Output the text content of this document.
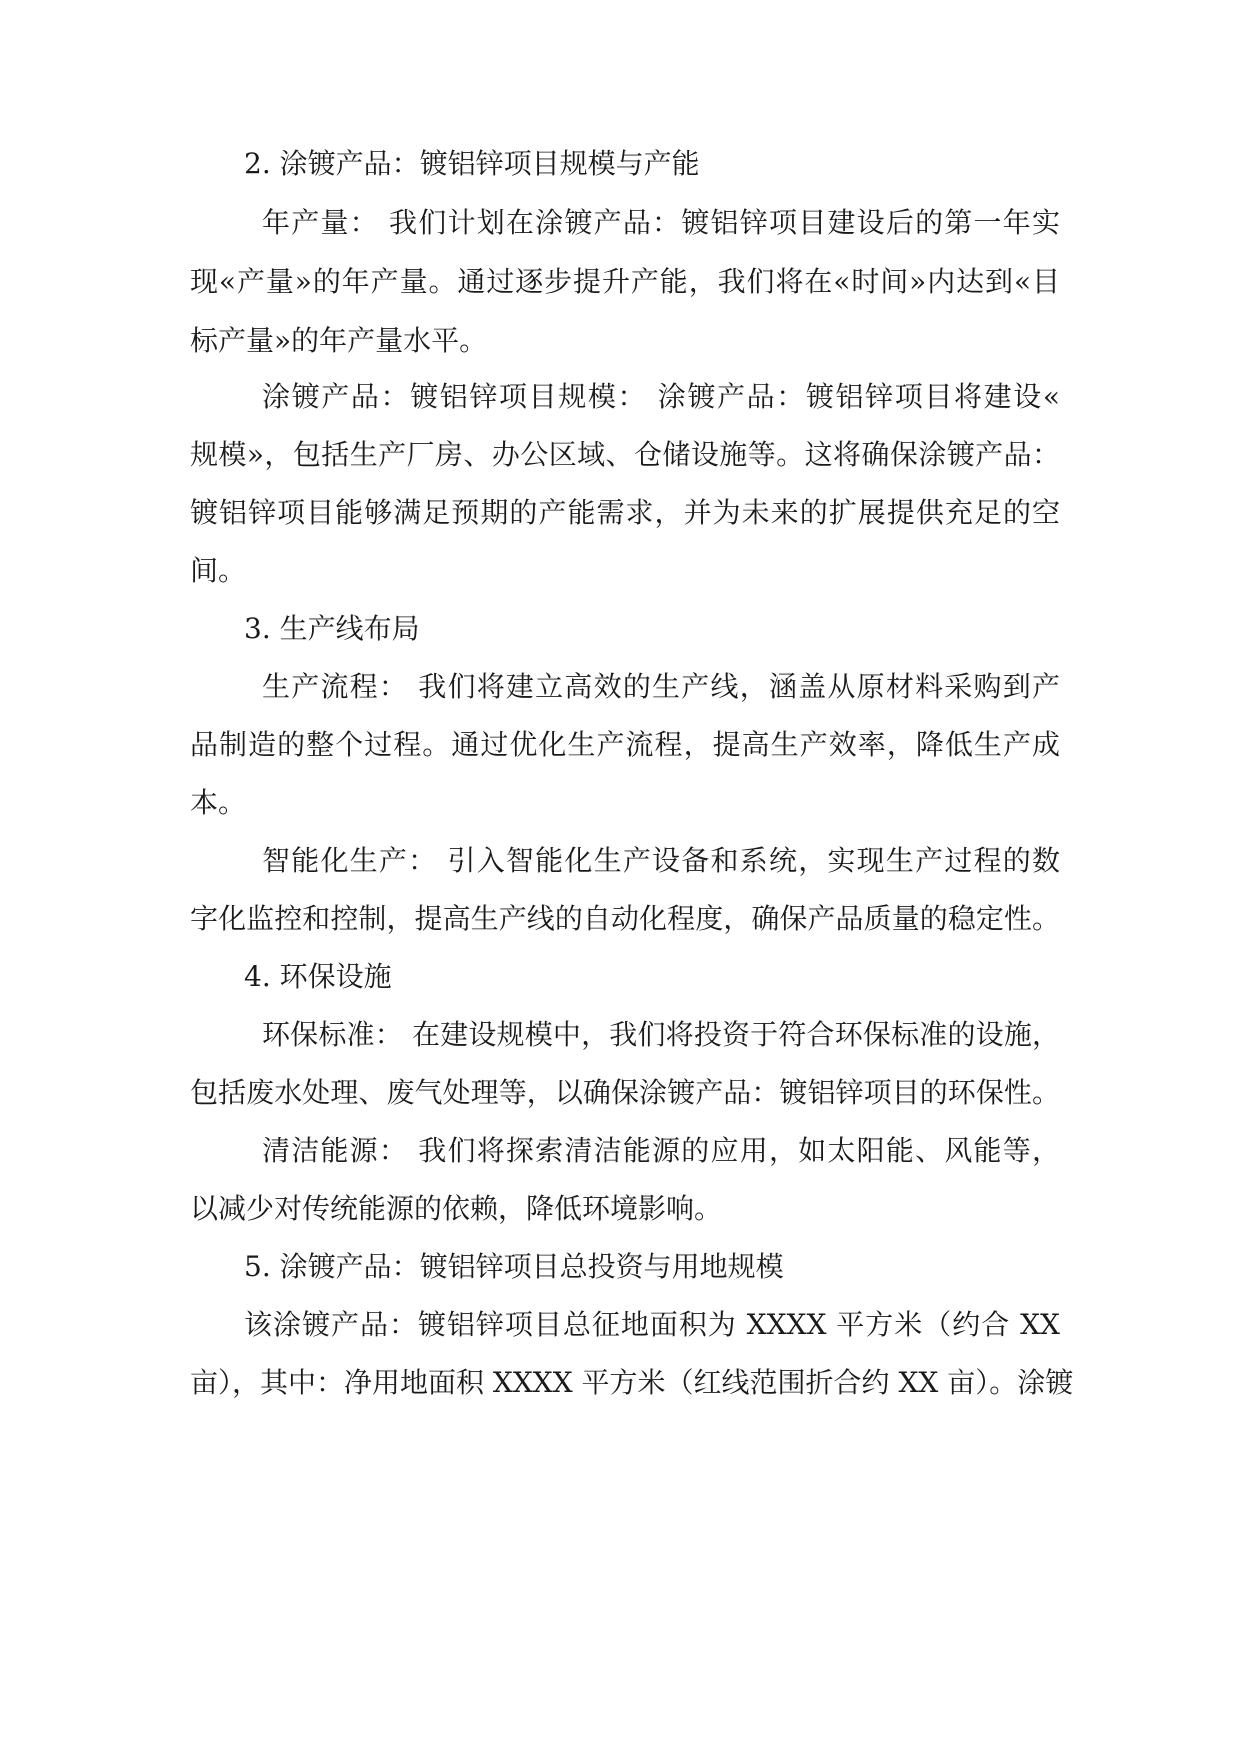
2. 涂镀产品：镀铝锌项目规模与产能
年产量： 我们计划在涂镀产品：镀铝锌项目建设后的第一年实
现«产量»的年产量。通过逐步提升产能，我们将在«时间»内达到«目
标产量»的年产量水平。
涂镀产品：镀铝锌项目规模： 涂镀产品：镀铝锌项目将建设«
规模»，包括生产厂房、办公区域、仓储设施等。这将确保涂镀产品：
镀铝锌项目能够满足预期的产能需求，并为未来的扩展提供充足的空
间。
3. 生产线布局
生产流程： 我们将建立高效的生产线，涵盖从原材料采购到产
品制造的整个过程。通过优化生产流程，提高生产效率，降低生产成
本。
智能化生产： 引入智能化生产设备和系统，实现生产过程的数
字化监控和控制，提高生产线的自动化程度，确保产品质量的稳定性。
4. 环保设施
环保标准： 在建设规模中，我们将投资于符合环保标准的设施，
包括废水处理、废气处理等，以确保涂镀产品：镀铝锌项目的环保性。
清洁能源： 我们将探索清洁能源的应用，如太阳能、风能等，
以减少对传统能源的依赖，降低环境影响。
5. 涂镀产品：镀铝锌项目总投资与用地规模
该涂镀产品：镀铝锌项目总征地面积为 XXXX 平方米（约合 XX
亩），其中：净用地面积 XXXX 平方米（红线范围折合约 XX 亩）。涂镀
